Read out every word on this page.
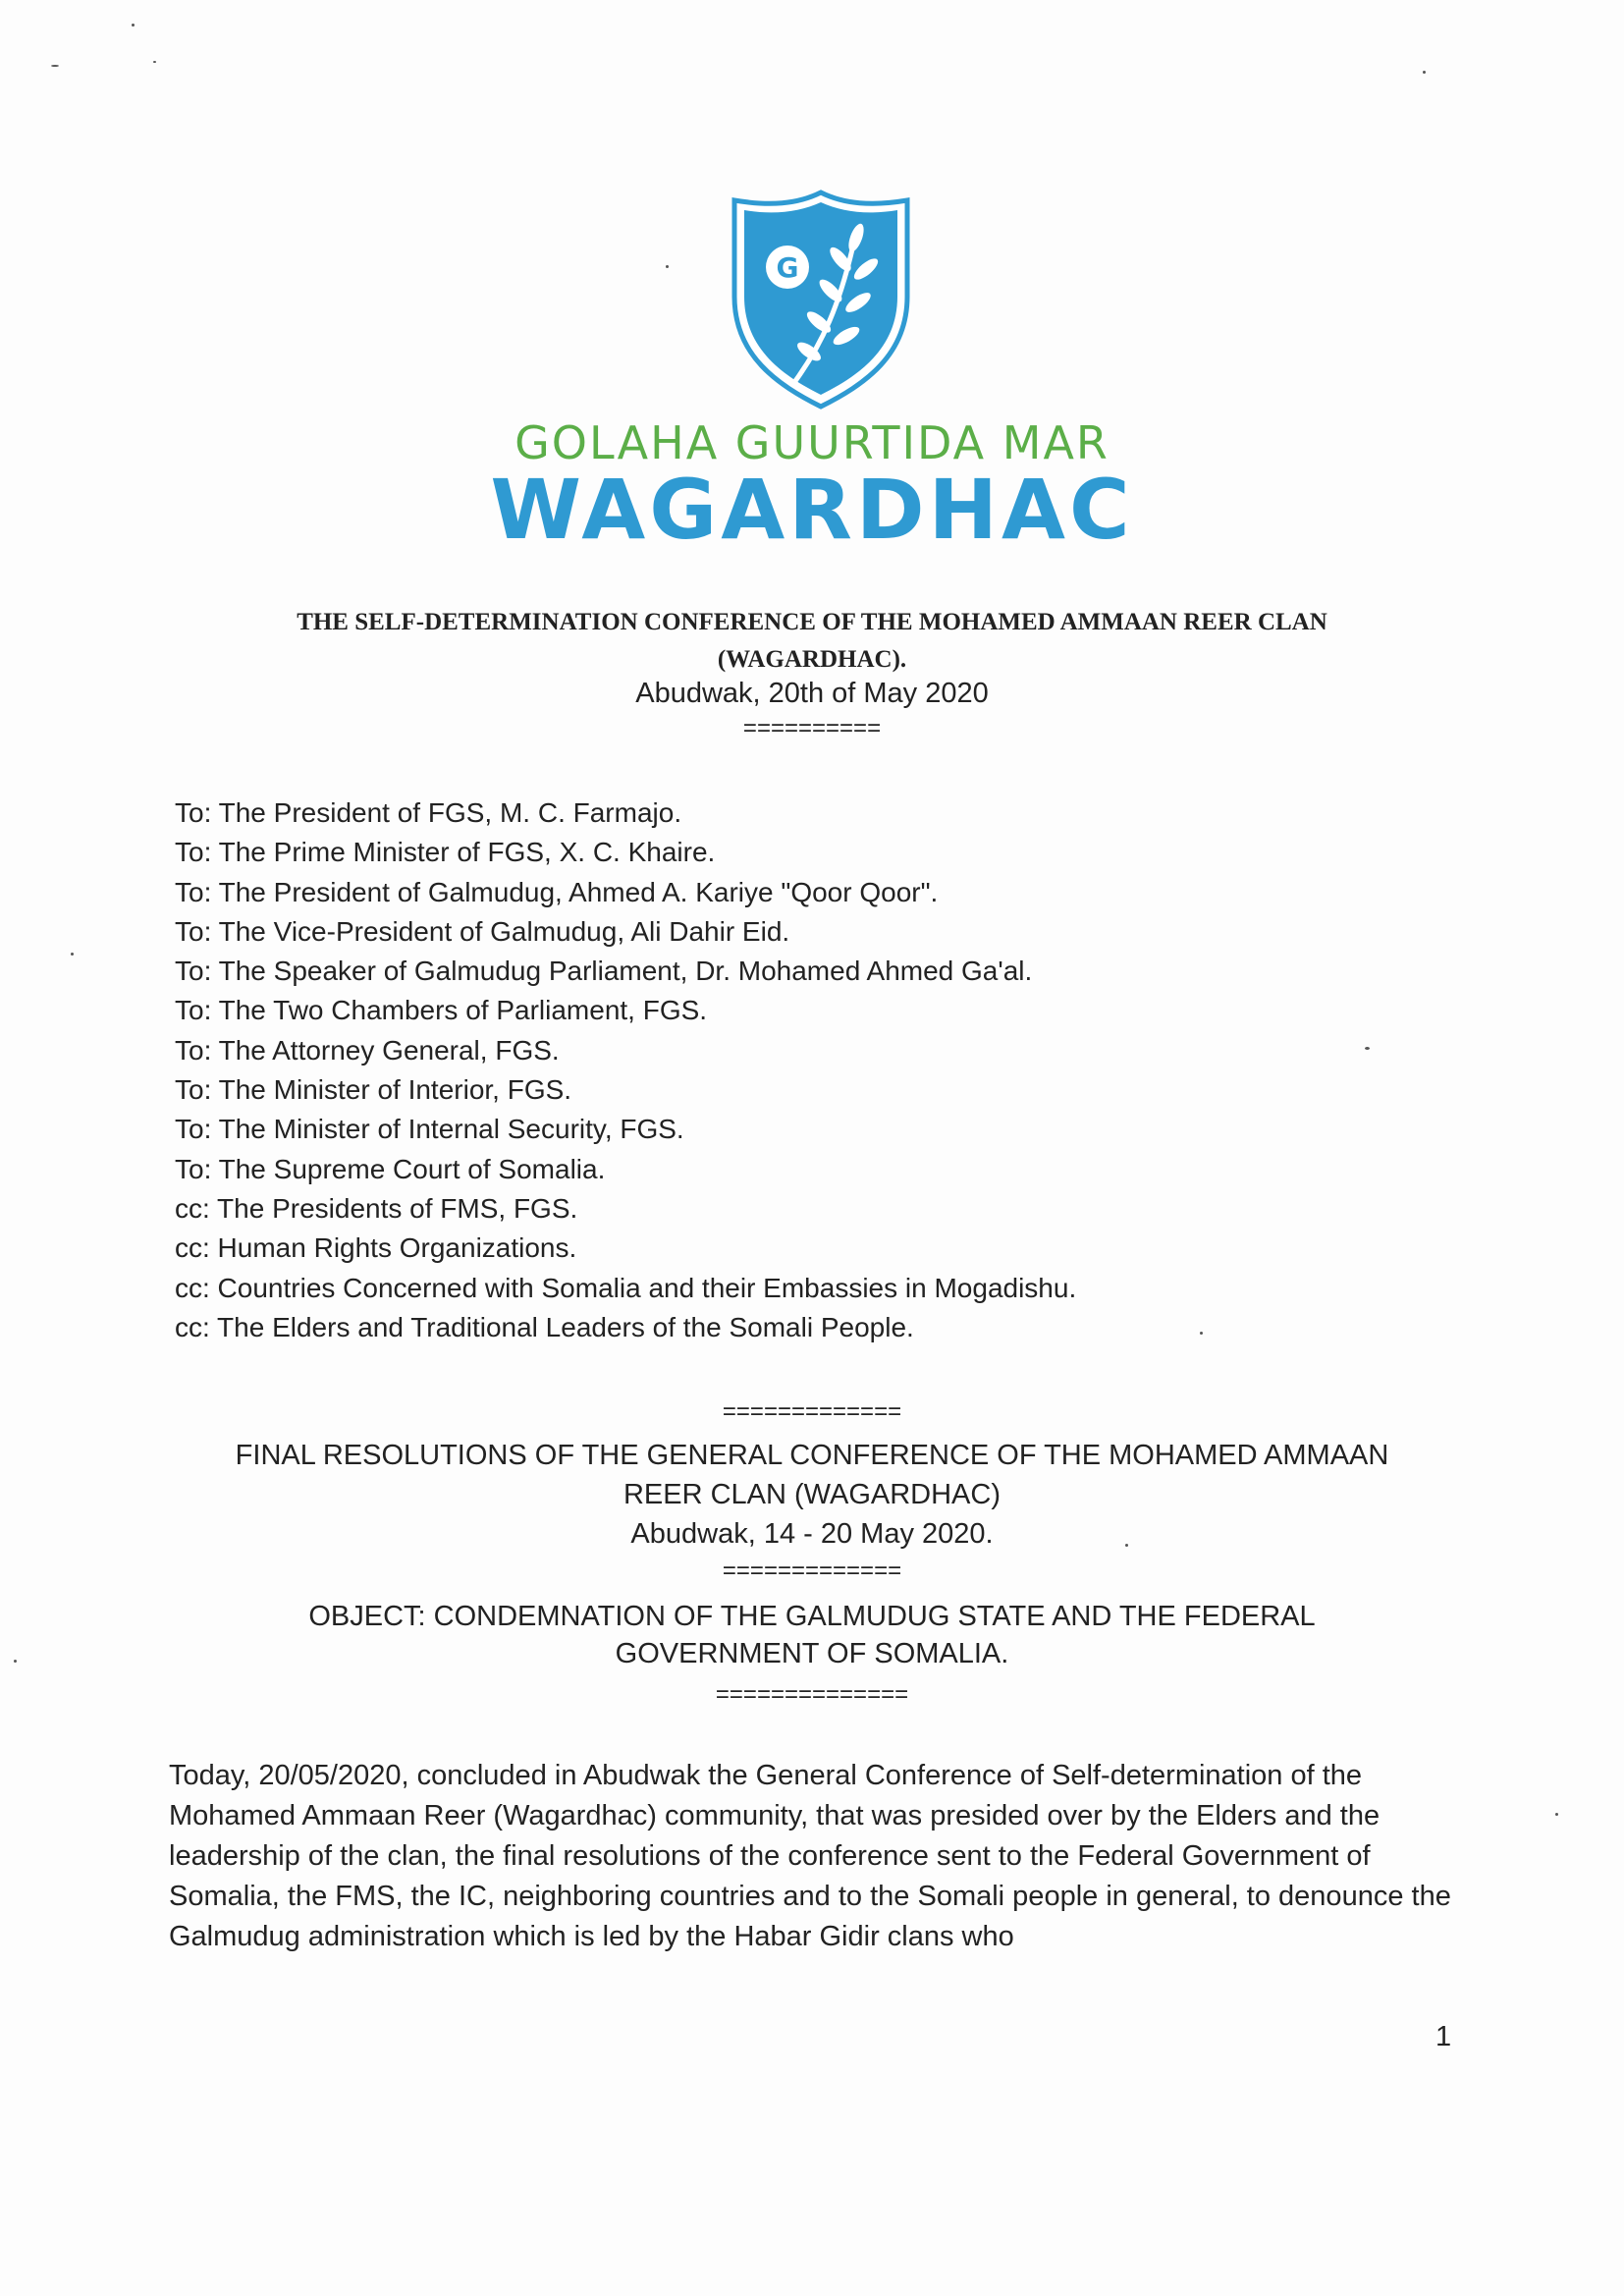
G
GOLAHA GUURTIDA MAR
WAGARDHAC
THE SELF-DETERMINATION CONFERENCE OF THE MOHAMED AMMAAN REER CLAN
(WAGARDHAC).
Abudwak, 20th of May 2020
==========
To: The President of FGS, M. C. Farmajo.
To: The Prime Minister of FGS, X. C. Khaire.
To: The President of Galmudug, Ahmed A. Kariye "Qoor Qoor".
To: The Vice-President of Galmudug, Ali Dahir Eid.
To: The Speaker of Galmudug Parliament, Dr. Mohamed Ahmed Ga'al.
To: The Two Chambers of Parliament, FGS.
To: The Attorney General, FGS.
To: The Minister of Interior, FGS.
To: The Minister of Internal Security, FGS.
To: The Supreme Court of Somalia.
cc: The Presidents of FMS, FGS.
cc: Human Rights Organizations.
cc: Countries Concerned with Somalia and their Embassies in Mogadishu.
cc: The Elders and Traditional Leaders of the Somali People.
=============
FINAL RESOLUTIONS OF THE GENERAL CONFERENCE OF THE MOHAMED AMMAAN
REER CLAN (WAGARDHAC)
Abudwak, 14 - 20 May 2020.
=============
OBJECT: CONDEMNATION OF THE GALMUDUG STATE AND THE FEDERAL
GOVERNMENT OF SOMALIA.
==============

Today, 20/05/2020, concluded in Abudwak the General Conference of Self-determination of the Mohamed Ammaan Reer (Wagardhac) community, that was presided over by the Elders and the leadership of the clan, the final resolutions of the conference sent to the Federal Government of Somalia, the FMS, the IC, neighboring countries and to the Somali people in general, to denounce the Galmudug administration which is led by the Habar Gidir clans who

1
